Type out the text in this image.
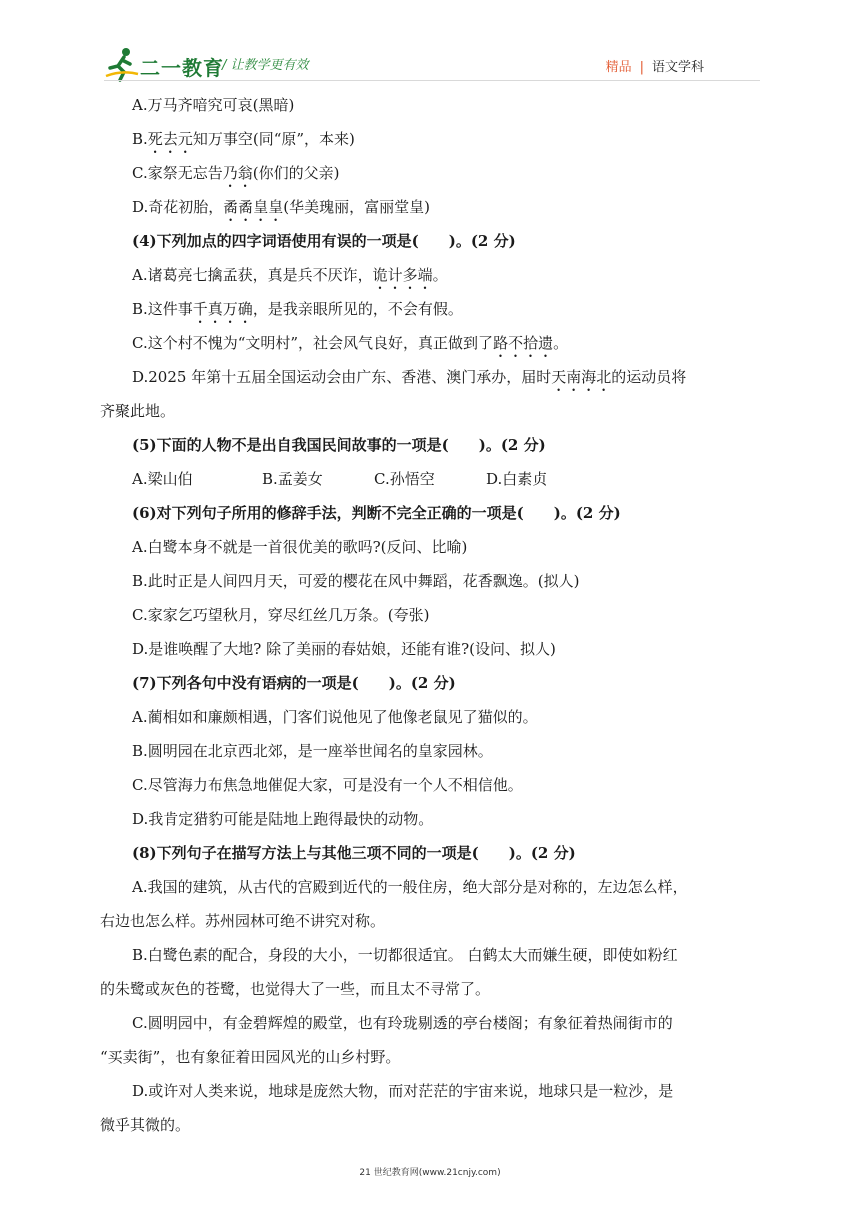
二一教育
/ 让教学更有效	精品 | 语文学科
A.万马齐喑究可哀(黑暗)
B.死去元知万事空(同“原”，本来)
C.家祭无忘告乃翁(你们的父亲)
D.奇花初胎，矞矞皇皇(华美瑰丽，富丽堂皇)
(4)下列加点的四字词语使用有误的一项是(　　)。(2 分)
A.诸葛亮七擒孟获，真是兵不厌诈，诡计多端。
B.这件事千真万确，是我亲眼所见的，不会有假。
C.这个村不愧为“文明村”，社会风气良好，真正做到了路不拾遗。
D.2025 年第十五届全国运动会由广东、香港、澳门承办，届时天南海北的运动员将
齐聚此地。
(5)下面的人物不是出自我国民间故事的一项是(　　)。(2 分)
A.梁山伯	B.孟姜女	C.孙悟空	D.白素贞
(6)对下列句子所用的修辞手法，判断不完全正确的一项是(　　)。(2 分)
A.白鹭本身不就是一首很优美的歌吗?(反问、比喻)
B.此时正是人间四月天，可爱的樱花在风中舞蹈，花香飘逸。(拟人)
C.家家乞巧望秋月，穿尽红丝几万条。(夸张)
D.是谁唤醒了大地? 除了美丽的春姑娘，还能有谁?(设问、拟人)
(7)下列各句中没有语病的一项是(　　)。(2 分)
A.蔺相如和廉颇相遇，门客们说他见了他像老鼠见了猫似的。
B.圆明园在北京西北郊，是一座举世闻名的皇家园林。
C.尽管海力布焦急地催促大家，可是没有一个人不相信他。
D.我肯定猎豹可能是陆地上跑得最快的动物。
(8)下列句子在描写方法上与其他三项不同的一项是(　　)。(2 分)
A.我国的建筑，从古代的宫殿到近代的一般住房，绝大部分是对称的，左边怎么样，
右边也怎么样。苏州园林可绝不讲究对称。
B.白鹭色素的配合，身段的大小，一切都很适宜。 白鹤太大而嫌生硬，即使如粉红
的朱鹭或灰色的苍鹭，也觉得大了一些，而且太不寻常了。
C.圆明园中，有金碧辉煌的殿堂，也有玲珑剔透的亭台楼阁；有象征着热闹街市的
“买卖街”，也有象征着田园风光的山乡村野。
D.或许对人类来说，地球是庞然大物，而对茫茫的宇宙来说，地球只是一粒沙，是
微乎其微的。
21 世纪教育网(www.21cnjy.com)
